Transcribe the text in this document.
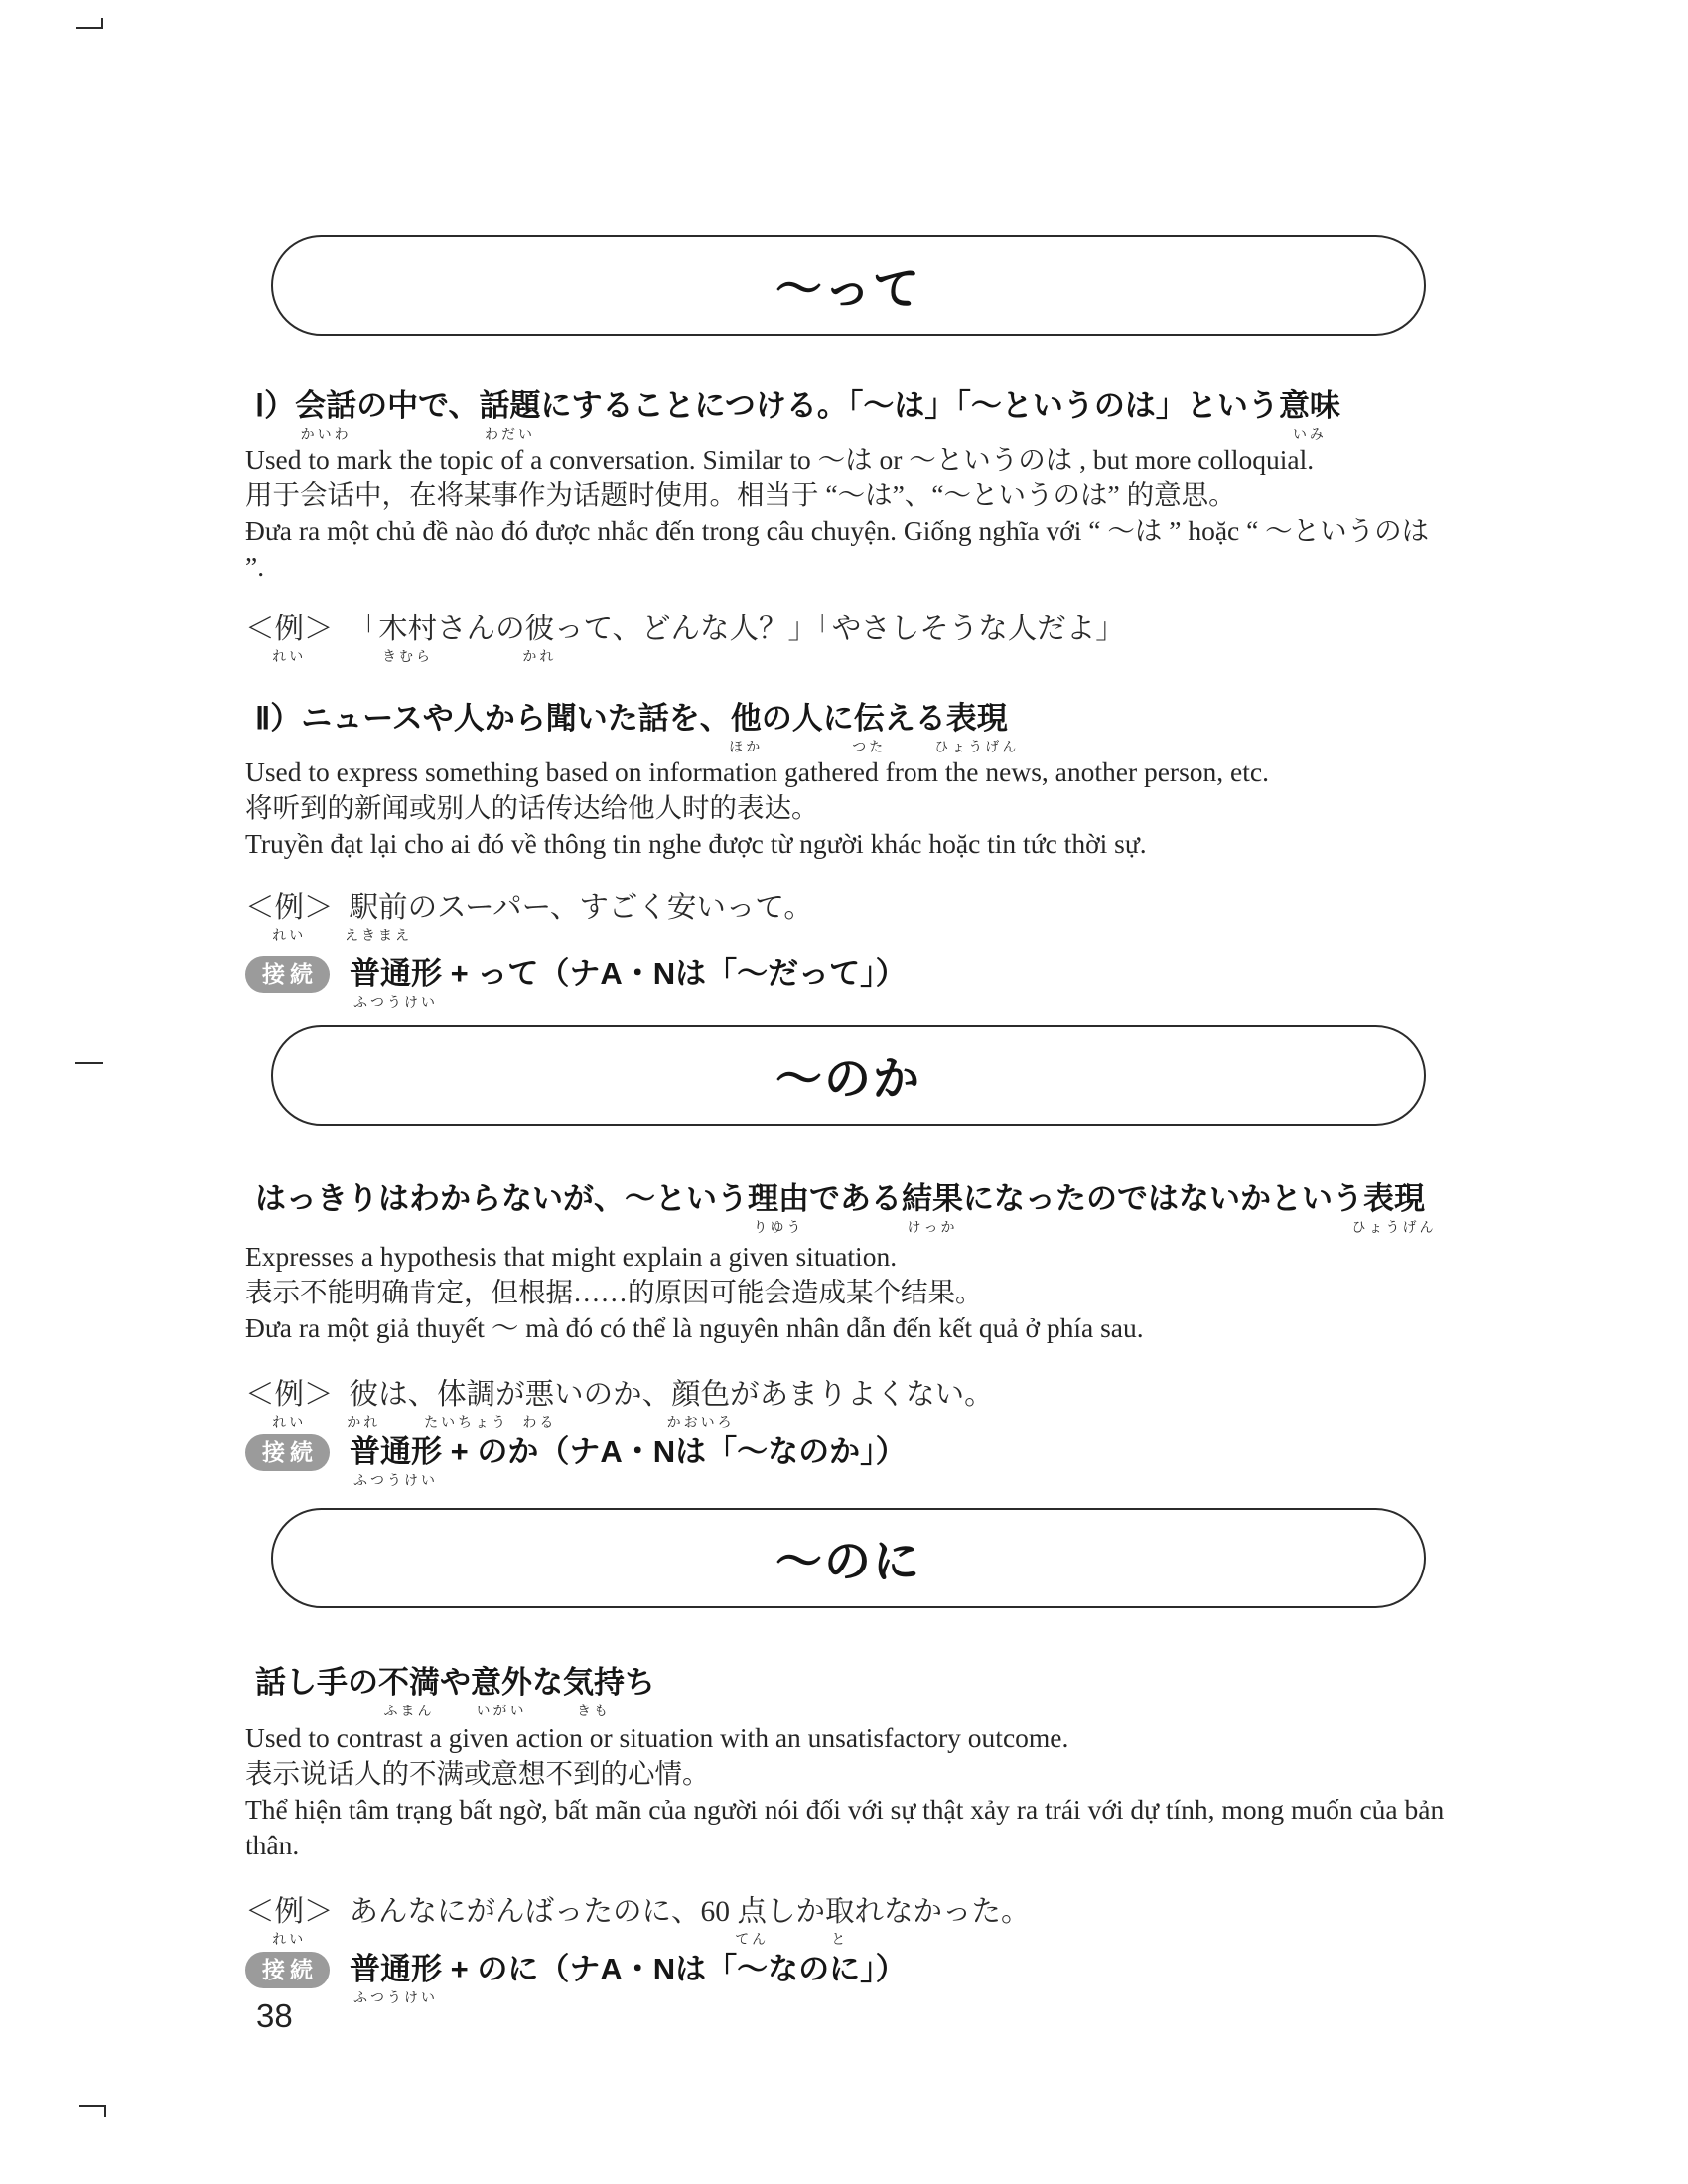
〜って
Ⅰ）会話
かいわ
の中で、話題
わだい
にすることにつける。「〜は」「〜というのは」という意味
いみ

Used to mark the topic of a conversation. Similar to 〜は or 〜というのは , but more colloquial.

用于会话中，在将某事作为话题时使用。相当于 “〜は”、“〜というのは” 的意思。

Đưa ra một chủ đề nào đó được nhắc đến trong câu chuyện. Giống nghĩa với “ 〜は ” hoặc “ 〜というのは ”.

＜例
れい
＞ 「木村
きむら
さんの彼
かれ
って、どんな人？」「やさしそうな人だよ」
Ⅱ）ニュースや人から聞いた話を、他
ほか
の人に伝
つた
える表現
ひょうげん

Used to express something based on information gathered from the news, another person, etc.

将听到的新闻或别人的话传达给他人时的表达。

Truyền đạt lại cho ai đó về thông tin nghe được từ người khác hoặc tin tức thời sự.

＜例
れい
＞ 駅前
えきまえ
のスーパー、すごく安いって。
接続	普通形
ふつうけい
+ って（ナA・Nは「〜だって」）
〜のか
はっきりはわからないが、〜という理由
りゆう
である結果
けっか
になったのではないかという表現
ひょうげん

Expresses a hypothesis that might explain a given situation.

表示不能明确肯定，但根据……的原因可能会造成某个结果。

Đưa ra một giả thuyết 〜 mà đó có thể là nguyên nhân dẫn đến kết quả ở phía sau.

＜例
れい
＞ 彼
かれ
は、体調
たいちょう
が悪
わる
いのか、顔色
かおいろ
があまりよくない。
接続	普通形
ふつうけい
+ のか（ナA・Nは「〜なのか」）
〜のに
話し手の不満
ふまん
や意外
いがい
な気持
きも
ち

Used to contrast a given action or situation with an unsatisfactory outcome.

表示说话人的不满或意想不到的心情。

Thể hiện tâm trạng bất ngờ, bất mãn của người nói đối với sự thật xảy ra trái với dự tính, mong muốn của bản thân.

＜例
れい
＞ あんなにがんばったのに、60 点
てん
しか取
と
れなかった。
接続	普通形
ふつうけい
+ のに（ナA・Nは「〜なのに」）
38
